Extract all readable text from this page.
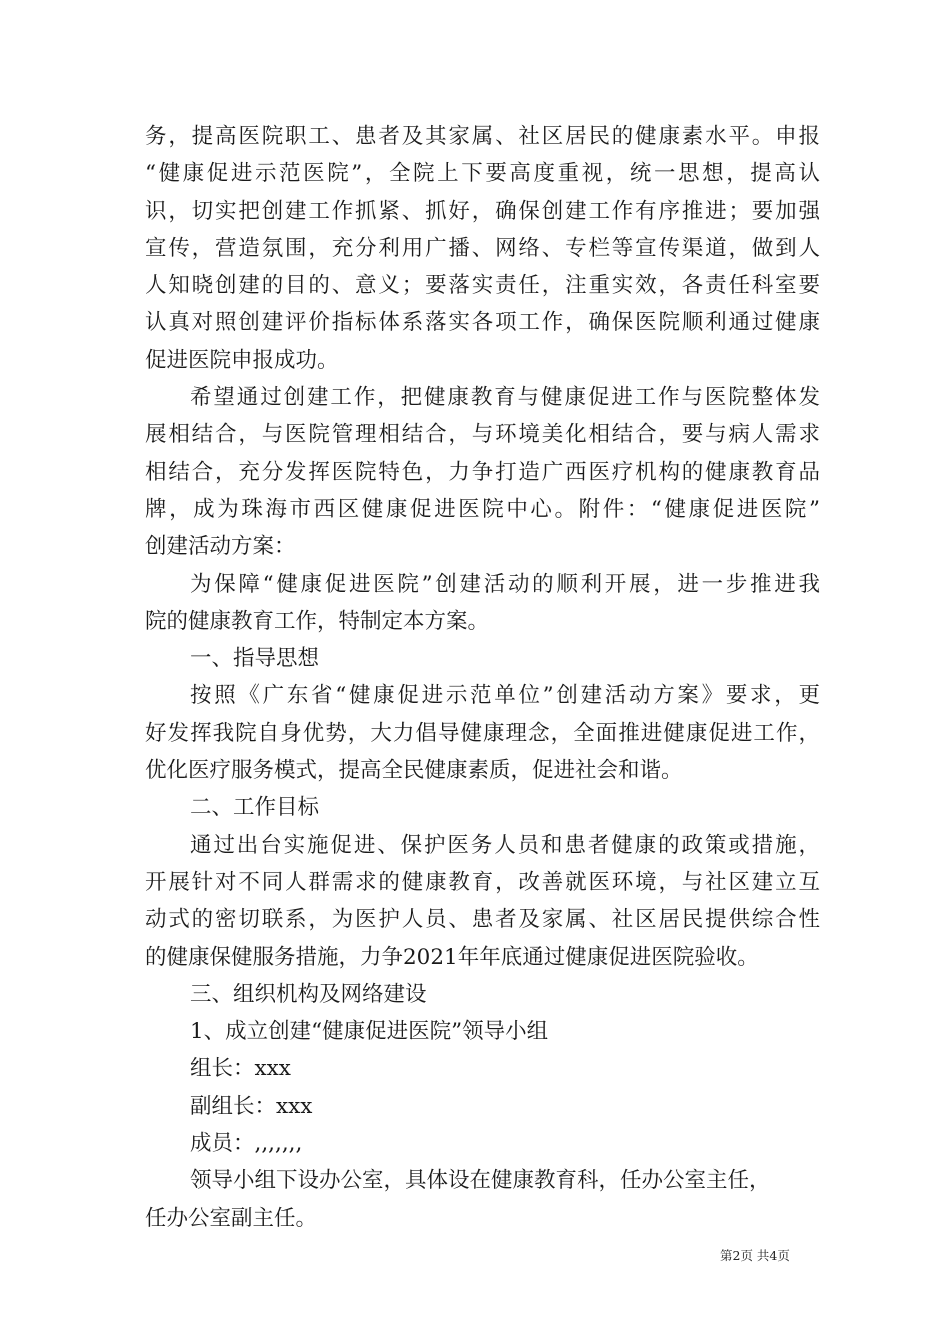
务，提高医院职工、患者及其家属、社区居民的健康素水平。申报
“健康促进示范医院”，全院上下要高度重视，统一思想，提高认
识，切实把创建工作抓紧、抓好，确保创建工作有序推进；要加强
宣传，营造氛围，充分利用广播、网络、专栏等宣传渠道，做到人
人知晓创建的目的、意义；要落实责任，注重实效，各责任科室要
认真对照创建评价指标体系落实各项工作，确保医院顺利通过健康
促进医院申报成功。
希望通过创建工作，把健康教育与健康促进工作与医院整体发
展相结合，与医院管理相结合，与环境美化相结合，要与病人需求
相结合，充分发挥医院特色，力争打造广西医疗机构的健康教育品
牌，成为珠海市西区健康促进医院中心。附件：“健康促进医院”
创建活动方案：
为保障“健康促进医院”创建活动的顺利开展，进一步推进我
院的健康教育工作，特制定本方案。
一、指导思想
按照《广东省“健康促进示范单位”创建活动方案》要求，更
好发挥我院自身优势，大力倡导健康理念，全面推进健康促进工作，
优化医疗服务模式，提高全民健康素质，促进社会和谐。
二、工作目标
通过出台实施促进、保护医务人员和患者健康的政策或措施，
开展针对不同人群需求的健康教育，改善就医环境，与社区建立互
动式的密切联系，为医护人员、患者及家属、社区居民提供综合性
的健康保健服务措施，力争2021年年底通过健康促进医院验收。
三、组织机构及网络建设
1、成立创建“健康促进医院”领导小组
组长：xxx
副组长：xxx
成员：,,,,,,,
领导小组下设办公室，具体设在健康教育科，任办公室主任，
任办公室副主任。
第2页 共4页
